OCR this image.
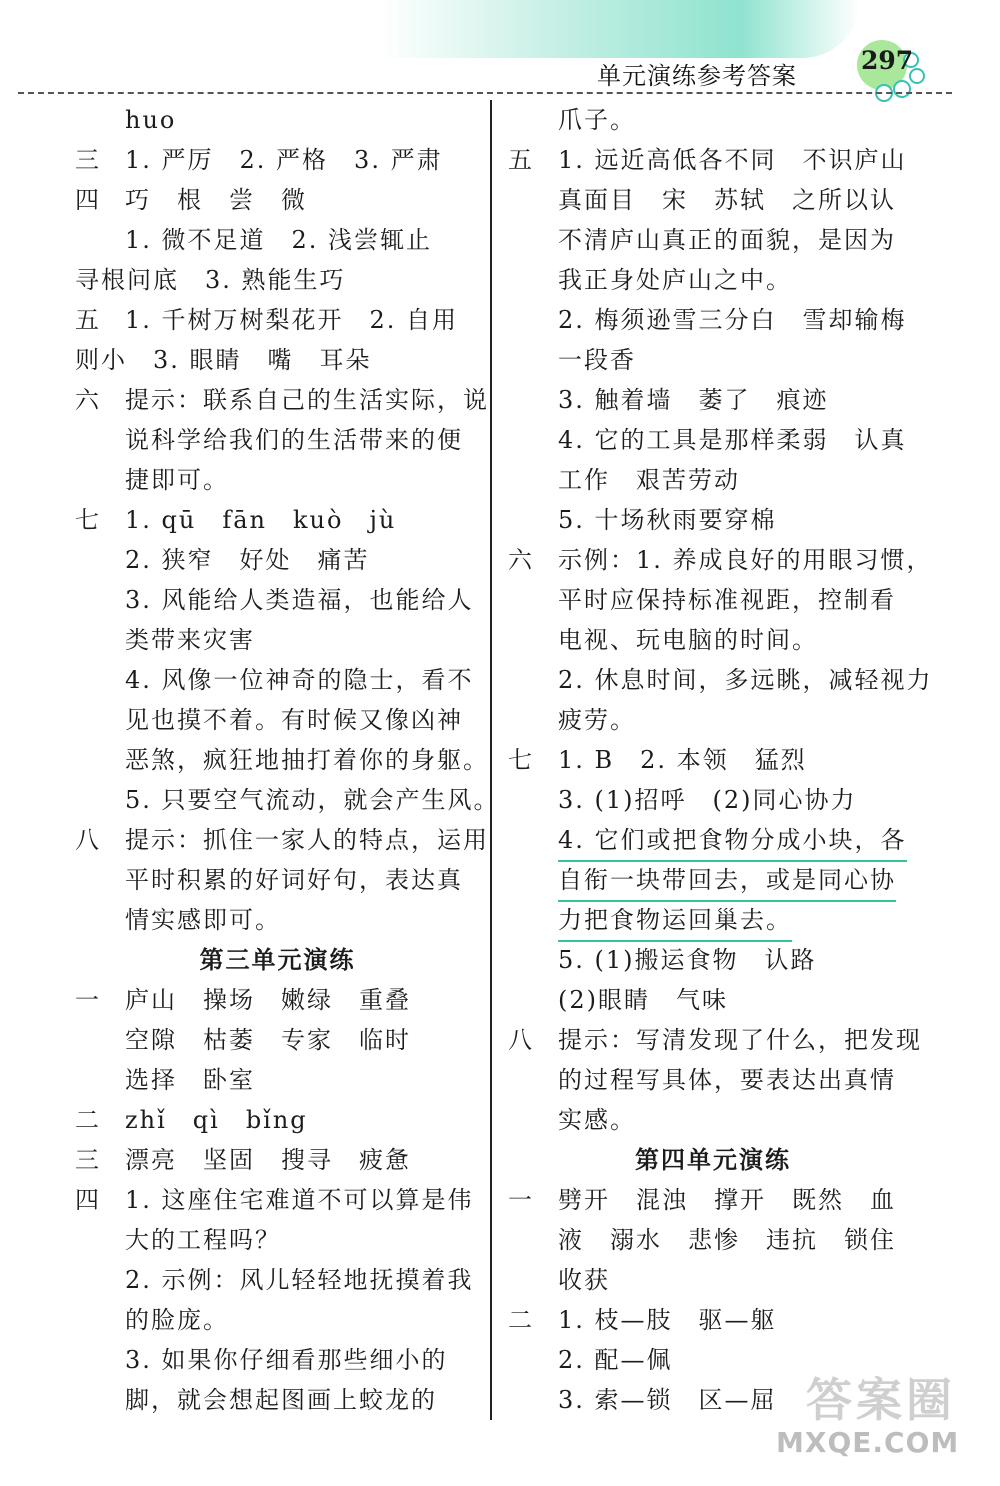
单元演练参考答案
297
huo
三	1. 严厉　2. 严格　3. 严肃
四	巧　根　尝　微
1. 微不足道　2. 浅尝辄止
寻根问底　3. 熟能生巧
五	1. 千树万树梨花开　2. 自用
则小　3. 眼睛　嘴　耳朵
六	提示：联系自己的生活实际，说
说科学给我们的生活带来的便
捷即可。
七	1. qū　fān　kuò　jù
2. 狭窄　好处　痛苦
3. 风能给人类造福，也能给人
类带来灾害
4. 风像一位神奇的隐士，看不
见也摸不着。有时候又像凶神
恶煞，疯狂地抽打着你的身躯。
5. 只要空气流动，就会产生风。
八	提示：抓住一家人的特点，运用
平时积累的好词好句，表达真
情实感即可。
第三单元演练
一	庐山　操场　嫩绿　重叠
空隙　枯萎　专家　临时
选择　卧室
二	zhǐ　qì　bǐng
三	漂亮　坚固　搜寻　疲惫
四	1. 这座住宅难道不可以算是伟
大的工程吗？
2. 示例：风儿轻轻地抚摸着我
的脸庞。
3. 如果你仔细看那些细小的
脚，就会想起图画上蛟龙的
爪子。
五	1. 远近高低各不同　不识庐山
真面目　宋　苏轼　之所以认
不清庐山真正的面貌，是因为
我正身处庐山之中。
2. 梅须逊雪三分白　雪却输梅
一段香
3. 触着墙　萎了　痕迹
4. 它的工具是那样柔弱　认真
工作　艰苦劳动
5. 十场秋雨要穿棉
六	示例：1. 养成良好的用眼习惯，
平时应保持标准视距，控制看
电视、玩电脑的时间。
2. 休息时间，多远眺，减轻视力
疲劳。
七	1. B　2. 本领　猛烈
3. (1)招呼　(2)同心协力
4. 它们或把食物分成小块，各
自衔一块带回去，或是同心协
力把食物运回巢去。
5. (1)搬运食物　认路
(2)眼睛　气味
八	提示：写清发现了什么，把发现
的过程写具体，要表达出真情
实感。
第四单元演练
一	劈开　混浊　撑开　既然　血
液　溺水　悲惨　违抗　锁住
收获
二	1. 枝—肢　驱—躯
2. 配—佩
3. 索—锁　区—屈 答案圈
MXQE.COM
